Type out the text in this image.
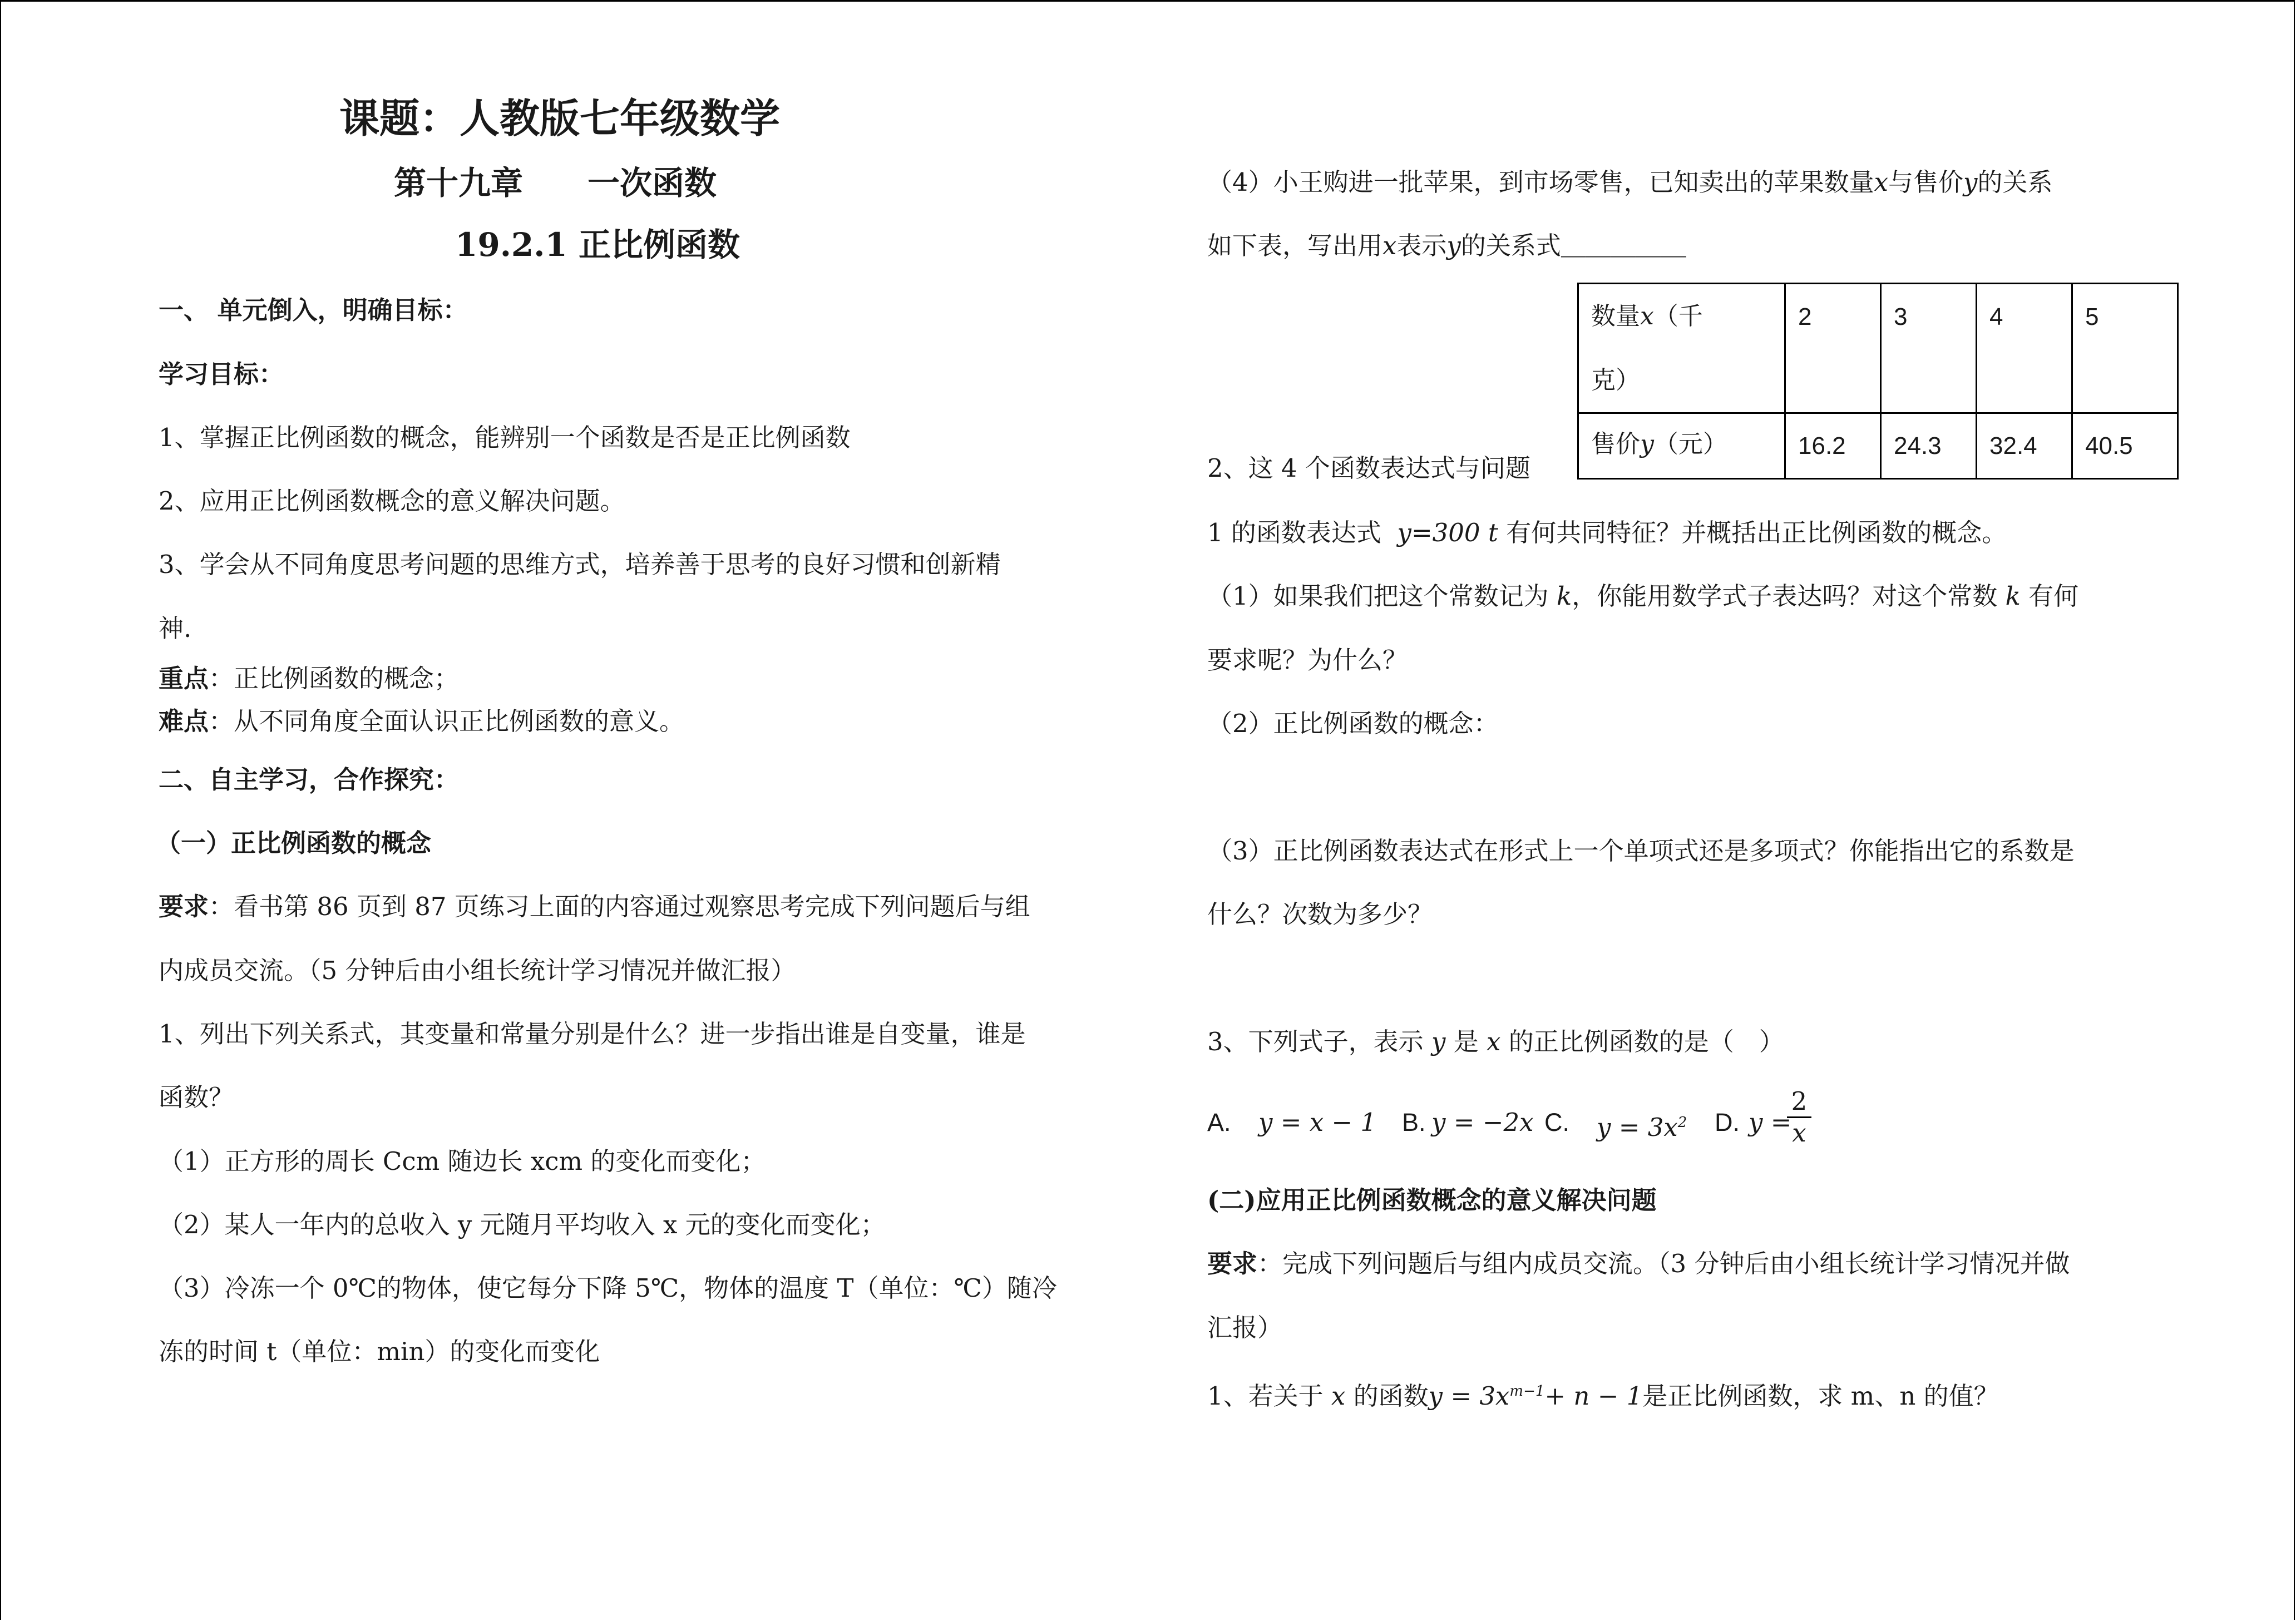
课题：人教版七年级数学
第十九章　　一次函数
19.2.1 正比例函数
一、 单元倒入，明确目标：
学习目标：
1、掌握正比例函数的概念，能辨别一个函数是否是正比例函数
2、应用正比例函数概念的意义解决问题。
3、学会从不同角度思考问题的思维方式，培养善于思考的良好习惯和创新精
神.
重点：正比例函数的概念；
难点：从不同角度全面认识正比例函数的意义。
二、自主学习，合作探究：
（一）正比例函数的概念
要求：看书第 86 页到 87 页练习上面的内容通过观察思考完成下列问题后与组
内成员交流。（5 分钟后由小组长统计学习情况并做汇报）
1、列出下列关系式，其变量和常量分别是什么？进一步指出谁是自变量，谁是
函数？
（1）正方形的周长 Ccm 随边长 xcm 的变化而变化；
（2）某人一年内的总收入 y 元随月平均收入 x 元的变化而变化；
（3）冷冻一个 0℃的物体，使它每分下降 5℃，物体的温度 T（单位：℃）随冷
冻的时间 t（单位：min）的变化而变化
（4）小王购进一批苹果，到市场零售，已知卖出的苹果数量x与售价y的关系
如下表，写出用x表示y的关系式＿＿＿＿＿
数量x（千
克）	2	3	4	5
售价y（元）	16.2	24.3	32.4	40.5
2、这 4 个函数表达式与问题
1 的函数表达式 y=300 t 有何共同特征？并概括出正比例函数的概念。
（1）如果我们把这个常数记为 k，你能用数学式子表达吗？对这个常数 k 有何
要求呢？为什么？
（2）正比例函数的概念：
（3）正比例函数表达式在形式上一个单项式还是多项式？你能指出它的系数是
什么？次数为多少？
3、下列式子，表示 y 是 x 的正比例函数的是（　）
A. y = x − 1 B. y = −2x C. $y = 3x^2$ D. y =
2
x
(二)应用正比例函数概念的意义解决问题
要求：完成下列问题后与组内成员交流。（3 分钟后由小组长统计学习情况并做
汇报）
1、若关于 x 的函数$y = 3x^{m-1}+ n - 1$是正比例函数，求 m、n 的值？
